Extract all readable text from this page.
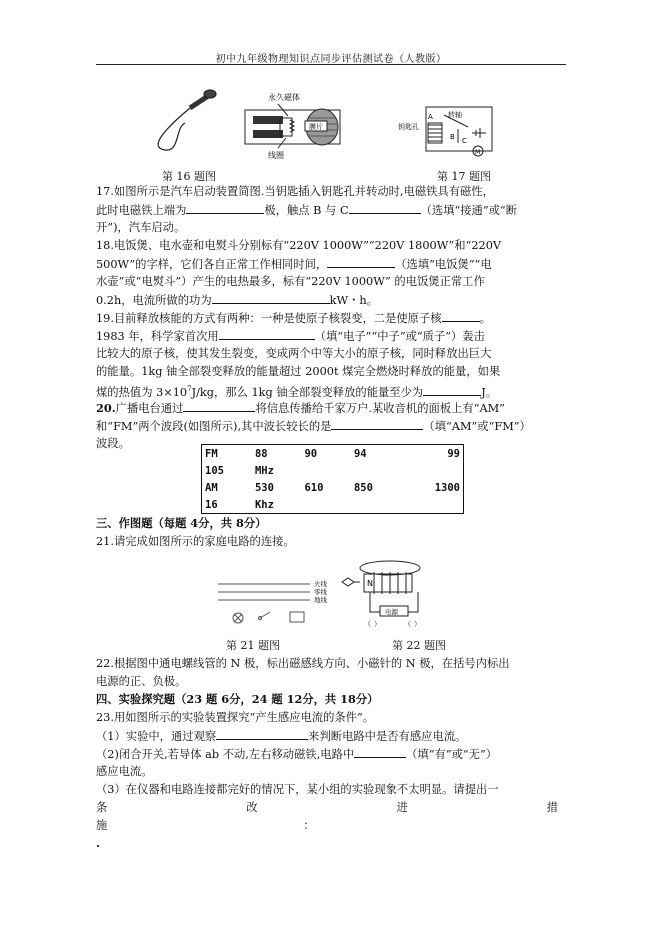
初中九年级物理知识点同步评估测试卷（人教版）
永久磁体
线圈
膜片	钥匙孔
转轴
A
B C
M
第 16 题图	第 17 题图
17.如图所示是汽车启动装置简图.当钥匙插入钥匙孔并转动时,电磁铁具有磁性，
此时电磁铁上端为	极，触点 B 与 C	（选填“接通”或“断
开”)，汽车启动。
18.电饭煲、电水壶和电熨斗分别标有“220V 1000W”“220V 1800W”和“220V
500W”的字样，它们各自正常工作相同时间，	（选填“电饭煲”“电
水壶”或“电熨斗”）产生的电热最多，标有“220V 1000W” 的电饭煲正常工作
0.2h，电流所做的功为	kW・h。
19.目前释放核能的方式有两种：一种是使原子核裂变，二是使原子核	。
1983 年，科学家首次用	（填“电子”“中子”或“质子”）轰击
比较大的原子核，使其发生裂变，变成两个中等大小的原子核，同时释放出巨大
的能量。1kg 铀全部裂变释放的能量超过 2000t 煤完全燃烧时释放的能量，如果
煤的热值为 $3\times 10^7J/kg$，那么 1kg 铀全部裂变释放的能量至少为	J。
20.广播电台通过	将信息传播给千家万户.某收音机的面板上有“AM”
和“FM”两个波段(如图所示),其中波长较长的是	（填“AM”或“FM”）
波段。
FM	88	90	94	99
105	MHz			
AM	530	610	850	1300
16	Khz			
三、作图题（每题 4分，共 8分）
21.请完成如图所示的家庭电路的连接。
火线
零线
地线
N
电源
（ ）	（ ）
第 21 题图	第 22 题图
22.根据图中通电螺线管的 N 极，标出磁感线方向、小磁针的 N 极，在括号内标出
电源的正、负极。
四、实验探究题（23 题 6分，24 题 12分，共 18分）
23.用如图所示的实验装置探究“产生感应电流的条件”。
（1）实验中，通过观察	来判断电路中是否有感应电流。
（2)闭合开关,若导体 ab 不动,左右移动磁铁,电路中	（填“有”或“无”）
感应电流。
（3）在仪器和电路连接都完好的情况下，某小组的实验现象不太明显。请提出一
条	改	进	措
施	：
.
